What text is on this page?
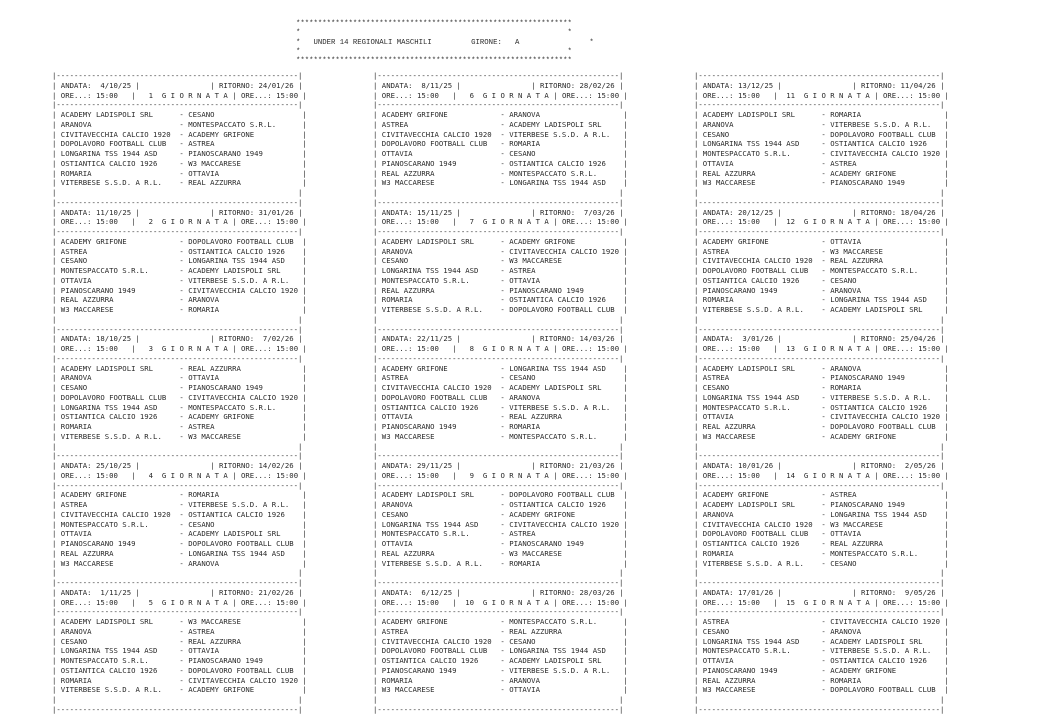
***************************************************************
*                                                             *
*   UNDER 14 REGIONALI MASCHILI	GIRONE: A                *
*                                                             *
***************************************************************
|-------------------------------------------------------|
| ANDATA:  4/10/25 |                | RITORNO: 24/01/26 |
| ORE...: 15:00   |   1 G I O R N A T A | ORE...: 15:00 |
|-------------------------------------------------------|
| ACADEMY LADISPOLI SRL      - CESANO                    |
| ARANOVA                    - MONTESPACCATO S.R.L.      |
| CIVITAVECCHIA CALCIO 1920  - ACADEMY GRIFONE           |
| DOPOLAVORO FOOTBALL CLUB   - ASTREA                    |
| LONGARINA TSS 1944 ASD     - PIANOSCARANO 1949         |
| OSTIANTICA CALCIO 1926     - W3 MACCARESE              |
| ROMARIA                    - OTTAVIA                   |
| VITERBESE S.S.D. A R.L.    - REAL AZZURRA              |
|                                                       |
|-------------------------------------------------------|
| ANDATA: 11/10/25 |                | RITORNO: 31/01/26 |
| ORE...: 15:00   |   2 G I O R N A T A | ORE...: 15:00 |
|-------------------------------------------------------|
| ACADEMY GRIFONE            - DOPOLAVORO FOOTBALL CLUB  |
| ASTREA                     - OSTIANTICA CALCIO 1926    |
| CESANO                     - LONGARINA TSS 1944 ASD    |
| MONTESPACCATO S.R.L.       - ACADEMY LADISPOLI SRL     |
| OTTAVIA                    - VITERBESE S.S.D. A R.L.   |
| PIANOSCARANO 1949          - CIVITAVECCHIA CALCIO 1920 |
| REAL AZZURRA               - ARANOVA                   |
| W3 MACCARESE               - ROMARIA                   |
|                                                       |
|-------------------------------------------------------|
| ANDATA: 18/10/25 |                | RITORNO:  7/02/26 |
| ORE...: 15:00   |   3 G I O R N A T A | ORE...: 15:00 |
|-------------------------------------------------------|
| ACADEMY LADISPOLI SRL      - REAL AZZURRA              |
| ARANOVA                    - OTTAVIA                   |
| CESANO                     - PIANOSCARANO 1949         |
| DOPOLAVORO FOOTBALL CLUB   - CIVITAVECCHIA CALCIO 1920 |
| LONGARINA TSS 1944 ASD     - MONTESPACCATO S.R.L.      |
| OSTIANTICA CALCIO 1926     - ACADEMY GRIFONE           |
| ROMARIA                    - ASTREA                    |
| VITERBESE S.S.D. A R.L.    - W3 MACCARESE              |
|                                                       |
|-------------------------------------------------------|
| ANDATA: 25/10/25 |                | RITORNO: 14/02/26 |
| ORE...: 15:00   |   4 G I O R N A T A | ORE...: 15:00 |
|-------------------------------------------------------|
| ACADEMY GRIFONE            - ROMARIA                   |
| ASTREA                     - VITERBESE S.S.D. A R.L.   |
| CIVITAVECCHIA CALCIO 1920  - OSTIANTICA CALCIO 1926    |
| MONTESPACCATO S.R.L.       - CESANO                    |
| OTTAVIA                    - ACADEMY LADISPOLI SRL     |
| PIANOSCARANO 1949          - DOPOLAVORO FOOTBALL CLUB  |
| REAL AZZURRA               - LONGARINA TSS 1944 ASD    |
| W3 MACCARESE               - ARANOVA                   |
|                                                       |
|-------------------------------------------------------|
| ANDATA:  1/11/25 |                | RITORNO: 21/02/26 |
| ORE...: 15:00   |   5 G I O R N A T A | ORE...: 15:00 |
|-------------------------------------------------------|
| ACADEMY LADISPOLI SRL      - W3 MACCARESE              |
| ARANOVA                    - ASTREA                    |
| CESANO                     - REAL AZZURRA              |
| LONGARINA TSS 1944 ASD     - OTTAVIA                   |
| MONTESPACCATO S.R.L.       - PIANOSCARANO 1949         |
| OSTIANTICA CALCIO 1926     - DOPOLAVORO FOOTBALL CLUB  |
| ROMARIA                    - CIVITAVECCHIA CALCIO 1920 |
| VITERBESE S.S.D. A R.L.    - ACADEMY GRIFONE           |
|                                                       |
|-------------------------------------------------------|
|-------------------------------------------------------|
| ANDATA:  8/11/25 |                | RITORNO: 28/02/26 |
| ORE...: 15:00   |   6 G I O R N A T A | ORE...: 15:00 |
|-------------------------------------------------------|
| ACADEMY GRIFONE            - ARANOVA                   |
| ASTREA                     - ACADEMY LADISPOLI SRL     |
| CIVITAVECCHIA CALCIO 1920  - VITERBESE S.S.D. A R.L.   |
| DOPOLAVORO FOOTBALL CLUB   - ROMARIA                   |
| OTTAVIA                    - CESANO                    |
| PIANOSCARANO 1949          - OSTIANTICA CALCIO 1926    |
| REAL AZZURRA               - MONTESPACCATO S.R.L.      |
| W3 MACCARESE               - LONGARINA TSS 1944 ASD    |
|                                                       |
|-------------------------------------------------------|
| ANDATA: 15/11/25 |                | RITORNO:  7/03/26 |
| ORE...: 15:00   |   7 G I O R N A T A | ORE...: 15:00 |
|-------------------------------------------------------|
| ACADEMY LADISPOLI SRL      - ACADEMY GRIFONE           |
| ARANOVA                    - CIVITAVECCHIA CALCIO 1920 |
| CESANO                     - W3 MACCARESE              |
| LONGARINA TSS 1944 ASD     - ASTREA                    |
| MONTESPACCATO S.R.L.       - OTTAVIA                   |
| REAL AZZURRA               - PIANOSCARANO 1949         |
| ROMARIA                    - OSTIANTICA CALCIO 1926    |
| VITERBESE S.S.D. A R.L.    - DOPOLAVORO FOOTBALL CLUB  |
|                                                       |
|-------------------------------------------------------|
| ANDATA: 22/11/25 |                | RITORNO: 14/03/26 |
| ORE...: 15:00   |   8 G I O R N A T A | ORE...: 15:00 |
|-------------------------------------------------------|
| ACADEMY GRIFONE            - LONGARINA TSS 1944 ASD    |
| ASTREA                     - CESANO                    |
| CIVITAVECCHIA CALCIO 1920  - ACADEMY LADISPOLI SRL     |
| DOPOLAVORO FOOTBALL CLUB   - ARANOVA                   |
| OSTIANTICA CALCIO 1926     - VITERBESE S.S.D. A R.L.   |
| OTTAVIA                    - REAL AZZURRA              |
| PIANOSCARANO 1949          - ROMARIA                   |
| W3 MACCARESE               - MONTESPACCATO S.R.L.      |
|                                                       |
|-------------------------------------------------------|
| ANDATA: 29/11/25 |                | RITORNO: 21/03/26 |
| ORE...: 15:00   |   9 G I O R N A T A | ORE...: 15:00 |
|-------------------------------------------------------|
| ACADEMY LADISPOLI SRL      - DOPOLAVORO FOOTBALL CLUB  |
| ARANOVA                    - OSTIANTICA CALCIO 1926    |
| CESANO                     - ACADEMY GRIFONE           |
| LONGARINA TSS 1944 ASD     - CIVITAVECCHIA CALCIO 1920 |
| MONTESPACCATO S.R.L.       - ASTREA                    |
| OTTAVIA                    - PIANOSCARANO 1949         |
| REAL AZZURRA               - W3 MACCARESE              |
| VITERBESE S.S.D. A R.L.    - ROMARIA                   |
|                                                       |
|-------------------------------------------------------|
| ANDATA:  6/12/25 |                | RITORNO: 28/03/26 |
| ORE...: 15:00   |  10 G I O R N A T A | ORE...: 15:00 |
|-------------------------------------------------------|
| ACADEMY GRIFONE            - MONTESPACCATO S.R.L.      |
| ASTREA                     - REAL AZZURRA              |
| CIVITAVECCHIA CALCIO 1920  - CESANO                    |
| DOPOLAVORO FOOTBALL CLUB   - LONGARINA TSS 1944 ASD    |
| OSTIANTICA CALCIO 1926     - ACADEMY LADISPOLI SRL     |
| PIANOSCARANO 1949          - VITERBESE S.S.D. A R.L.   |
| ROMARIA                    - ARANOVA                   |
| W3 MACCARESE               - OTTAVIA                   |
|                                                       |
|-------------------------------------------------------|
|-------------------------------------------------------|
| ANDATA: 13/12/25 |                | RITORNO: 11/04/26 |
| ORE...: 15:00   |  11 G I O R N A T A | ORE...: 15:00 |
|-------------------------------------------------------|
| ACADEMY LADISPOLI SRL      - ROMARIA                   |
| ARANOVA                    - VITERBESE S.S.D. A R.L.   |
| CESANO                     - DOPOLAVORO FOOTBALL CLUB  |
| LONGARINA TSS 1944 ASD     - OSTIANTICA CALCIO 1926    |
| MONTESPACCATO S.R.L.       - CIVITAVECCHIA CALCIO 1920 |
| OTTAVIA                    - ASTREA                    |
| REAL AZZURRA               - ACADEMY GRIFONE           |
| W3 MACCARESE               - PIANOSCARANO 1949         |
|                                                       |
|-------------------------------------------------------|
| ANDATA: 20/12/25 |                | RITORNO: 18/04/26 |
| ORE...: 15:00   |  12 G I O R N A T A | ORE...: 15:00 |
|-------------------------------------------------------|
| ACADEMY GRIFONE            - OTTAVIA                   |
| ASTREA                     - W3 MACCARESE              |
| CIVITAVECCHIA CALCIO 1920  - REAL AZZURRA              |
| DOPOLAVORO FOOTBALL CLUB   - MONTESPACCATO S.R.L.      |
| OSTIANTICA CALCIO 1926     - CESANO                    |
| PIANOSCARANO 1949          - ARANOVA                   |
| ROMARIA                    - LONGARINA TSS 1944 ASD    |
| VITERBESE S.S.D. A R.L.    - ACADEMY LADISPOLI SRL     |
|                                                       |
|-------------------------------------------------------|
| ANDATA:  3/01/26 |                | RITORNO: 25/04/26 |
| ORE...: 15:00   |  13 G I O R N A T A | ORE...: 15:00 |
|-------------------------------------------------------|
| ACADEMY LADISPOLI SRL      - ARANOVA                   |
| ASTREA                     - PIANOSCARANO 1949         |
| CESANO                     - ROMARIA                   |
| LONGARINA TSS 1944 ASD     - VITERBESE S.S.D. A R.L.   |
| MONTESPACCATO S.R.L.       - OSTIANTICA CALCIO 1926    |
| OTTAVIA                    - CIVITAVECCHIA CALCIO 1920 |
| REAL AZZURRA               - DOPOLAVORO FOOTBALL CLUB  |
| W3 MACCARESE               - ACADEMY GRIFONE           |
|                                                       |
|-------------------------------------------------------|
| ANDATA: 10/01/26 |                | RITORNO:  2/05/26 |
| ORE...: 15:00   |  14 G I O R N A T A | ORE...: 15:00 |
|-------------------------------------------------------|
| ACADEMY GRIFONE            - ASTREA                    |
| ACADEMY LADISPOLI SRL      - PIANOSCARANO 1949         |
| ARANOVA                    - LONGARINA TSS 1944 ASD    |
| CIVITAVECCHIA CALCIO 1920  - W3 MACCARESE              |
| DOPOLAVORO FOOTBALL CLUB   - OTTAVIA                   |
| OSTIANTICA CALCIO 1926     - REAL AZZURRA              |
| ROMARIA                    - MONTESPACCATO S.R.L.      |
| VITERBESE S.S.D. A R.L.    - CESANO                    |
|                                                       |
|-------------------------------------------------------|
| ANDATA: 17/01/26 |                | RITORNO:  9/05/26 |
| ORE...: 15:00   |  15 G I O R N A T A | ORE...: 15:00 |
|-------------------------------------------------------|
| ASTREA                     - CIVITAVECCHIA CALCIO 1920 |
| CESANO                     - ARANOVA                   |
| LONGARINA TSS 1944 ASD     - ACADEMY LADISPOLI SRL     |
| MONTESPACCATO S.R.L.       - VITERBESE S.S.D. A R.L.   |
| OTTAVIA                    - OSTIANTICA CALCIO 1926    |
| PIANOSCARANO 1949          - ACADEMY GRIFONE           |
| REAL AZZURRA               - ROMARIA                   |
| W3 MACCARESE               - DOPOLAVORO FOOTBALL CLUB  |
|                                                       |
|-------------------------------------------------------|
